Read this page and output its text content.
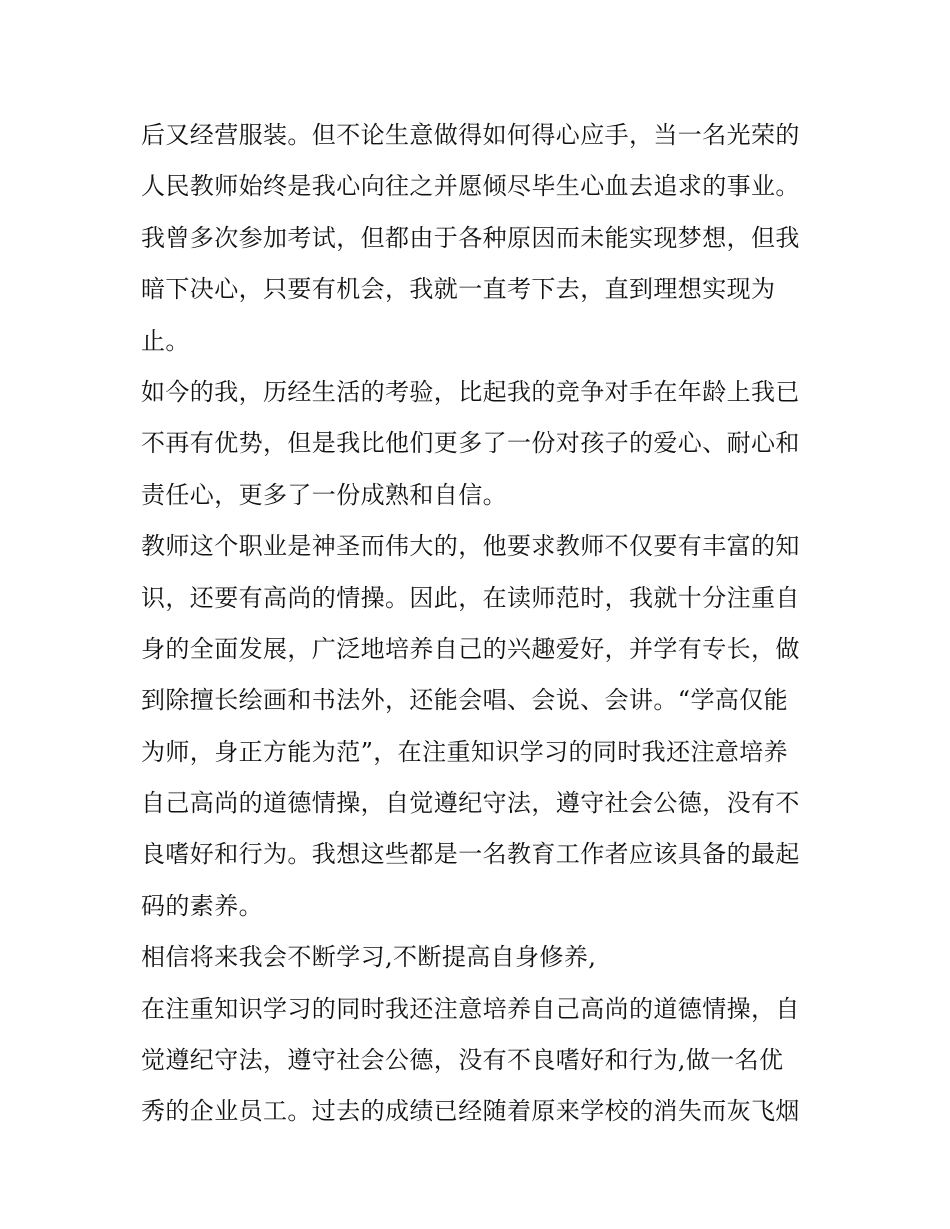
后又经营服装。但不论生意做得如何得心应手，当一名光荣的
人民教师始终是我心向往之并愿倾尽毕生心血去追求的事业。
我曾多次参加考试，但都由于各种原因而未能实现梦想，但我
暗下决心，只要有机会，我就一直考下去，直到理想实现为
止。
如今的我，历经生活的考验，比起我的竞争对手在年龄上我已
不再有优势，但是我比他们更多了一份对孩子的爱心、耐心和
责任心，更多了一份成熟和自信。
教师这个职业是神圣而伟大的，他要求教师不仅要有丰富的知
识，还要有高尚的情操。因此，在读师范时，我就十分注重自
身的全面发展，广泛地培养自己的兴趣爱好，并学有专长，做
到除擅长绘画和书法外，还能会唱、会说、会讲。“学高仅能
为师，身正方能为范”，在注重知识学习的同时我还注意培养
自己高尚的道德情操，自觉遵纪守法，遵守社会公德，没有不
良嗜好和行为。我想这些都是一名教育工作者应该具备的最起
码的素养。
相信将来我会不断学习,不断提高自身修养,
在注重知识学习的同时我还注意培养自己高尚的道德情操，自
觉遵纪守法，遵守社会公德，没有不良嗜好和行为,做一名优
秀的企业员工。过去的成绩已经随着原来学校的消失而灰飞烟
